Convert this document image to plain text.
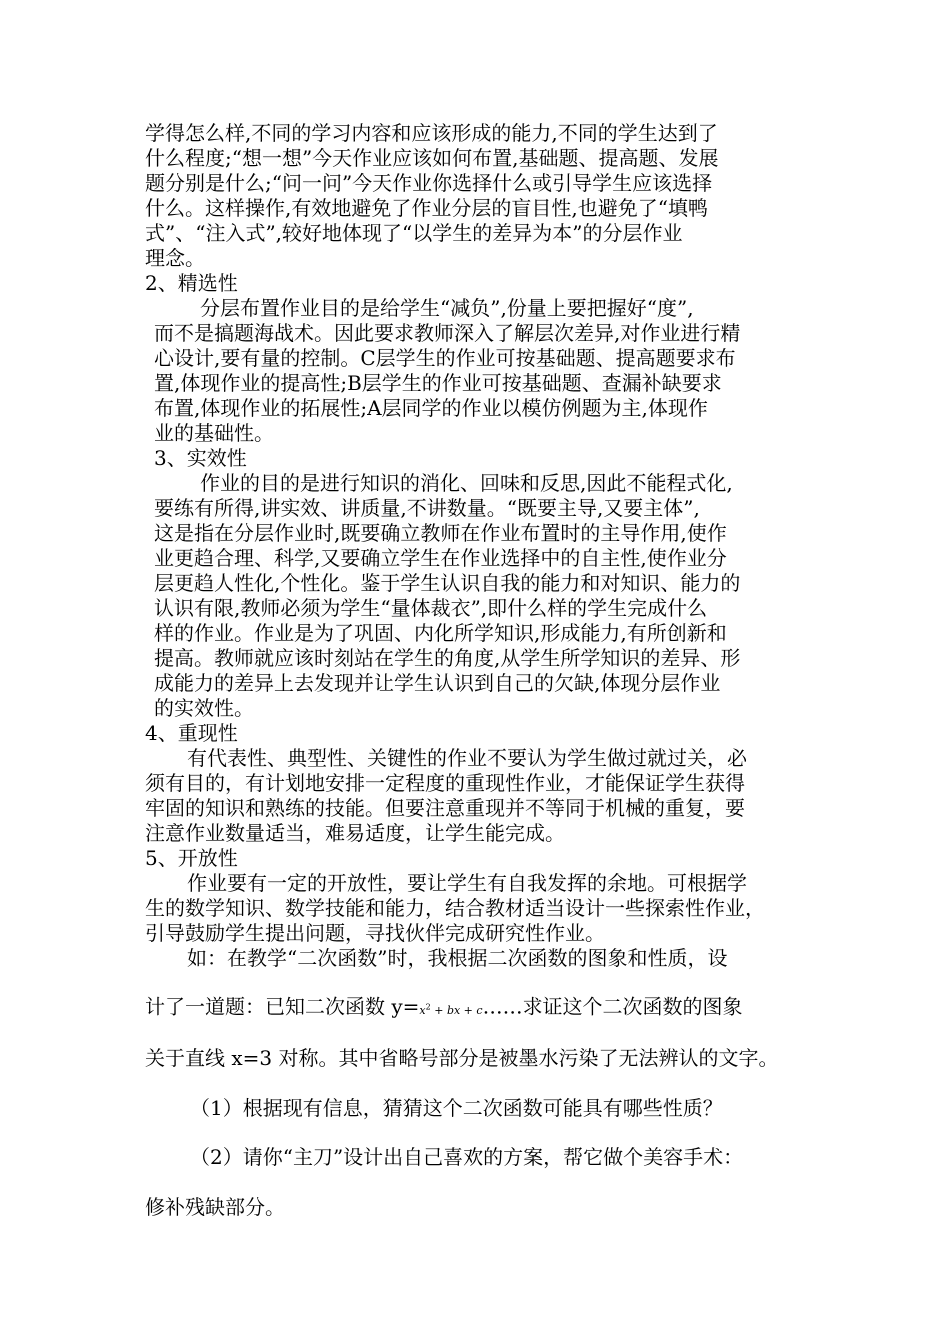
学得怎么样,不同的学习内容和应该形成的能力,不同的学生达到了
什么程度;“想一想”今天作业应该如何布置,基础题、提高题、发展
题分别是什么;“问一问”今天作业你选择什么或引导学生应该选择
什么。这样操作,有效地避免了作业分层的盲目性,也避免了“填鸭
式”、“注入式”,较好地体现了“以学生的差异为本”的分层作业
理念。
2、精选性
分层布置作业目的是给学生“减负”,份量上要把握好“度”,
而不是搞题海战术。因此要求教师深入了解层次差异,对作业进行精
心设计,要有量的控制。C层学生的作业可按基础题、提高题要求布
置,体现作业的提高性;B层学生的作业可按基础题、查漏补缺要求
布置,体现作业的拓展性;A层同学的作业以模仿例题为主,体现作
业的基础性。
3、实效性
作业的目的是进行知识的消化、回味和反思,因此不能程式化,
要练有所得,讲实效、讲质量,不讲数量。“既要主导,又要主体”,
这是指在分层作业时,既要确立教师在作业布置时的主导作用,使作
业更趋合理、科学,又要确立学生在作业选择中的自主性,使作业分
层更趋人性化,个性化。鉴于学生认识自我的能力和对知识、能力的
认识有限,教师必须为学生“量体裁衣”,即什么样的学生完成什么
样的作业。作业是为了巩固、内化所学知识,形成能力,有所创新和
提高。教师就应该时刻站在学生的角度,从学生所学知识的差异、形
成能力的差异上去发现并让学生认识到自己的欠缺,体现分层作业
的实效性。
4、重现性
有代表性、典型性、关键性的作业不要认为学生做过就过关，必
须有目的，有计划地安排一定程度的重现性作业，才能保证学生获得
牢固的知识和熟练的技能。但要注意重现并不等同于机械的重复，要
注意作业数量适当，难易适度，让学生能完成。
5、开放性
作业要有一定的开放性，要让学生有自我发挥的余地。可根据学
生的数学知识、数学技能和能力，结合教材适当设计一些探索性作业，
引导鼓励学生提出问题，寻找伙伴完成研究性作业。
如：在教学“二次函数”时，我根据二次函数的图象和性质，设
计了一道题：已知二次函数 $y=x^2$ + bx + c……求证这个二次函数的图象
关于直线 x=3 对称。其中省略号部分是被墨水污染了无法辨认的文字。
（1）根据现有信息，猜猜这个二次函数可能具有哪些性质？
（2）请你“主刀”设计出自己喜欢的方案，帮它做个美容手术：
修补残缺部分。
